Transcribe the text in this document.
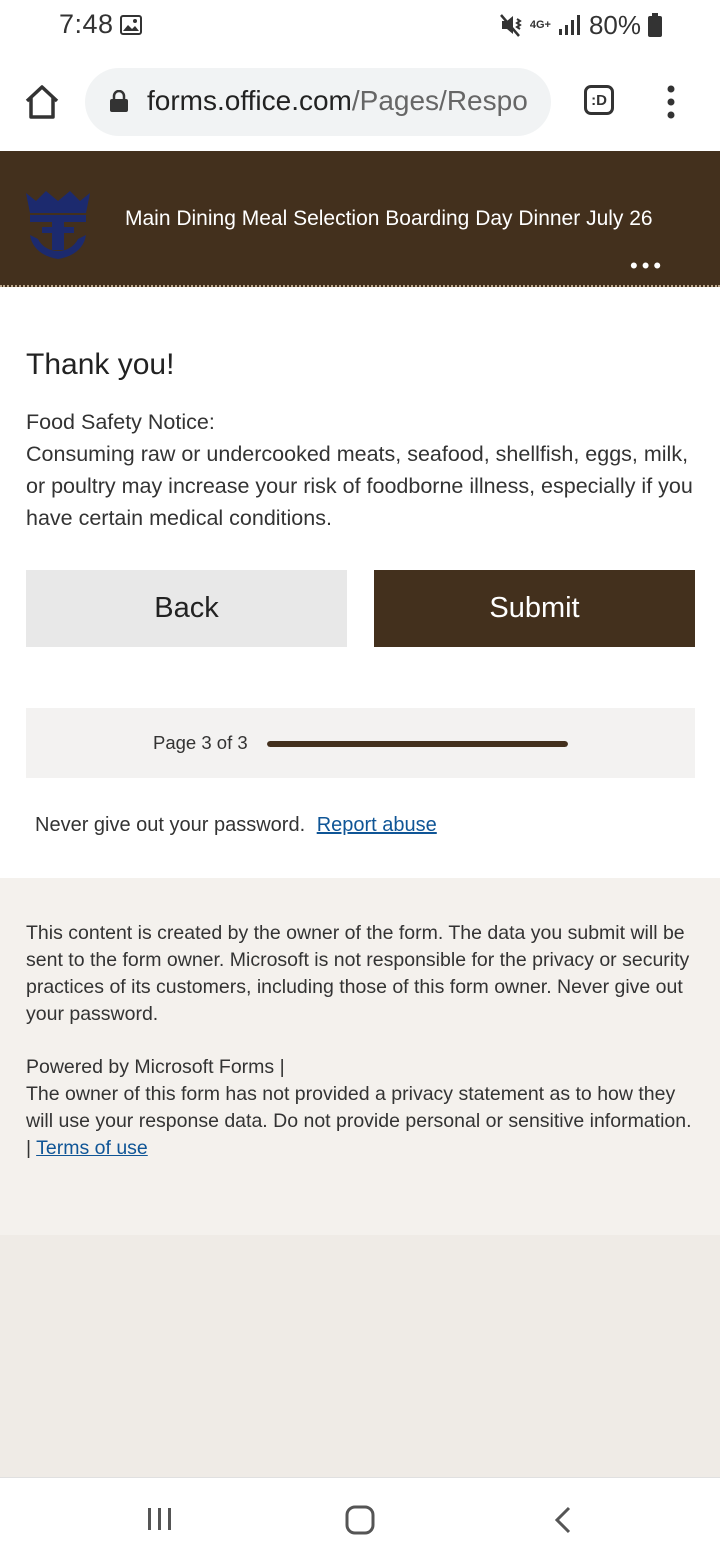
7:48	4G+ 80%
forms.office.com/Pages/Respo	:D
Main Dining Meal Selection Boarding Day Dinner July 26
•••
Thank you!
Food Safety Notice:
Consuming raw or undercooked meats, seafood, shellfish, eggs, milk, or poultry may increase your risk of foodborne illness, especially if you have certain medical conditions.
Back	Submit
Page 3 of 3
Never give out your password. Report abuse
This content is created by the owner of the form. The data you submit will be sent to the form owner. Microsoft is not responsible for the privacy or security practices of its customers, including those of this form owner. Never give out your password.
Powered by Microsoft Forms |
The owner of this form has not provided a privacy statement as to how they will use your response data. Do not provide personal or sensitive information.
| Terms of use
